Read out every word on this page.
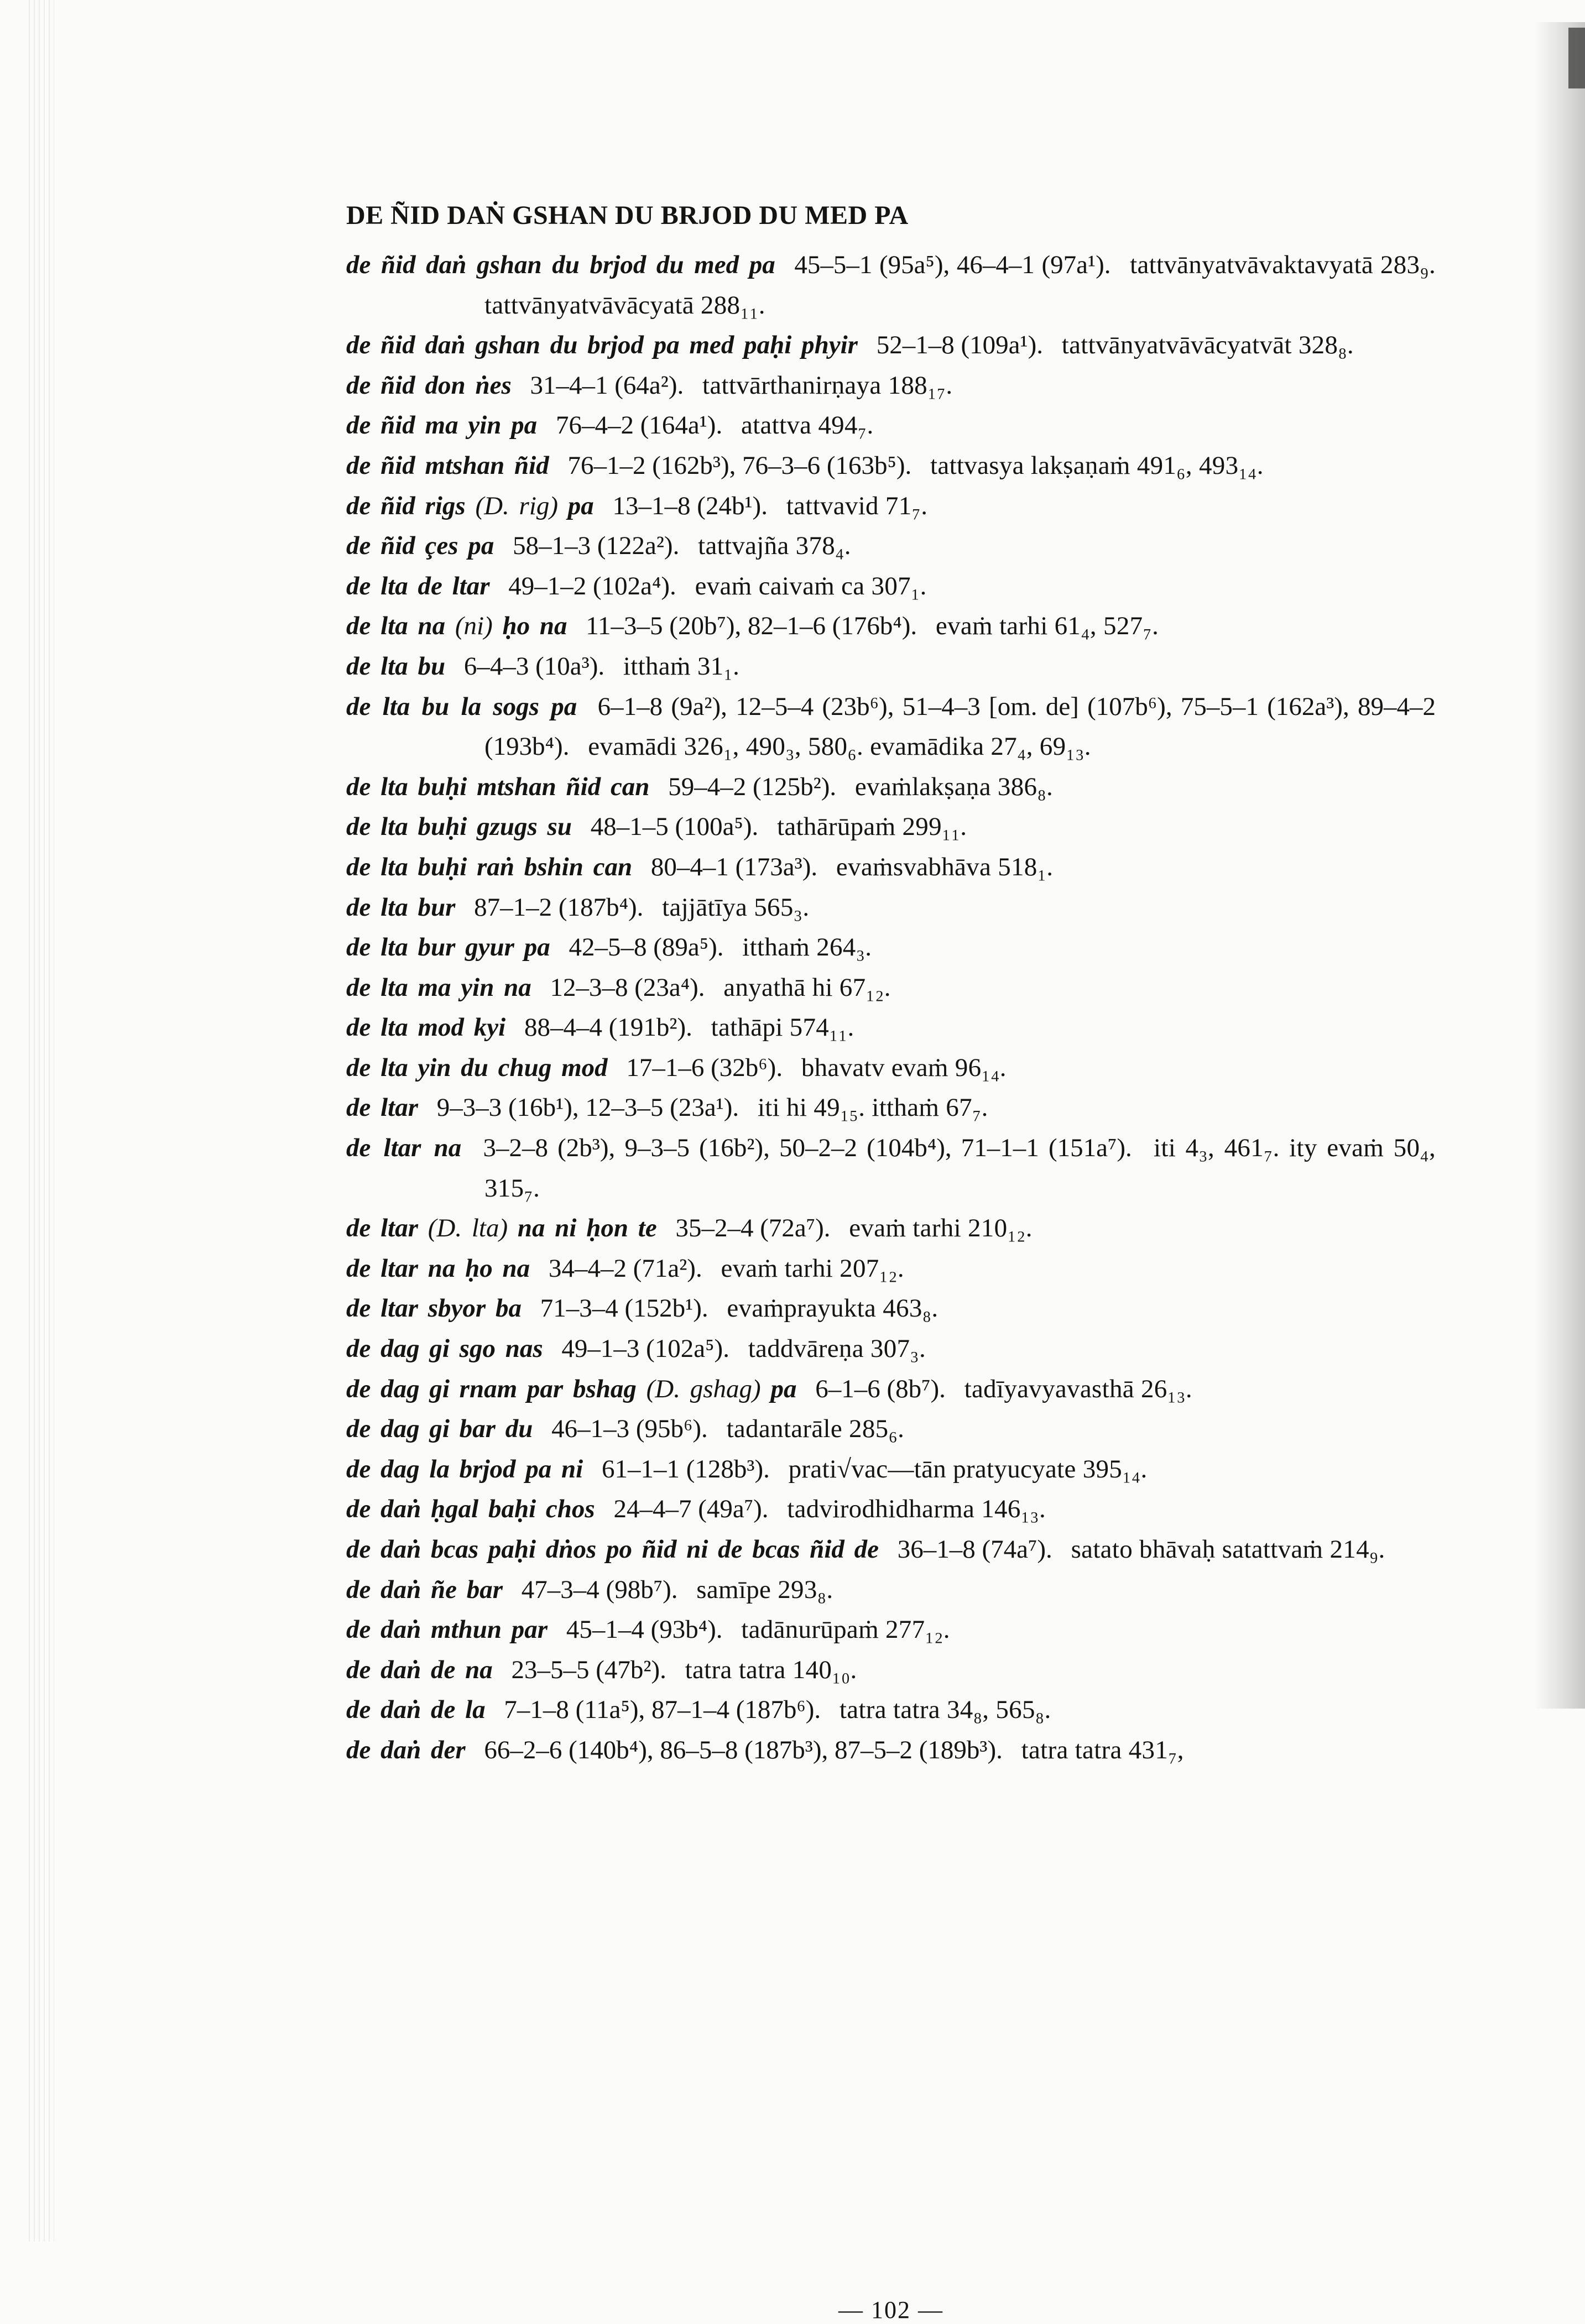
DE ÑID DAṄ GSHAN DU BRJOD DU MED PA
de ñid daṅ gshan du brjod du med pa 45–5–1 (95a⁵), 46–4–1 (97a¹). tattvānyatvāvaktavyatā 283₉. tattvānyatvāvācyatā 288₁₁.
de ñid daṅ gshan du brjod pa med paḥi phyir 52–1–8 (109a¹). tattvānyatvāvācyatvāt 328₈.
de ñid don ṅes 31–4–1 (64a²). tattvārthanirṇaya 188₁₇.
de ñid ma yin pa 76–4–2 (164a¹). atattva 494₇.
de ñid mtshan ñid 76–1–2 (162b³), 76–3–6 (163b⁵). tattvasya lakṣaṇaṁ 491₆, 493₁₄.
de ñid rigs (D. rig) pa 13–1–8 (24b¹). tattvavid 71₇.
de ñid çes pa 58–1–3 (122a²). tattvajña 378₄.
de lta de ltar 49–1–2 (102a⁴). evaṁ caivaṁ ca 307₁.
de lta na (ni) ḥo na 11–3–5 (20b⁷), 82–1–6 (176b⁴). evaṁ tarhi 61₄, 527₇.
de lta bu 6–4–3 (10a³). itthaṁ 31₁.
de lta bu la sogs pa 6–1–8 (9a²), 12–5–4 (23b⁶), 51–4–3 [om. de] (107b⁶), 75–5–1 (162a³), 89–4–2 (193b⁴). evamādi 326₁, 490₃, 580₆. evamādika 27₄, 69₁₃.
de lta buḥi mtshan ñid can 59–4–2 (125b²). evaṁlakṣaṇa 386₈.
de lta buḥi gzugs su 48–1–5 (100a⁵). tathārūpaṁ 299₁₁.
de lta buḥi raṅ bshin can 80–4–1 (173a³). evaṁsvabhāva 518₁.
de lta bur 87–1–2 (187b⁴). tajjātīya 565₃.
de lta bur gyur pa 42–5–8 (89a⁵). itthaṁ 264₃.
de lta ma yin na 12–3–8 (23a⁴). anyathā hi 67₁₂.
de lta mod kyi 88–4–4 (191b²). tathāpi 574₁₁.
de lta yin du chug mod 17–1–6 (32b⁶). bhavatv evaṁ 96₁₄.
de ltar 9–3–3 (16b¹), 12–3–5 (23a¹). iti hi 49₁₅. itthaṁ 67₇.
de ltar na 3–2–8 (2b³), 9–3–5 (16b²), 50–2–2 (104b⁴), 71–1–1 (151a⁷). iti 4₃, 461₇. ity evaṁ 50₄, 315₇.
de ltar (D. lta) na ni ḥon te 35–2–4 (72a⁷). evaṁ tarhi 210₁₂.
de ltar na ḥo na 34–4–2 (71a²). evaṁ tarhi 207₁₂.
de ltar sbyor ba 71–3–4 (152b¹). evaṁprayukta 463₈.
de dag gi sgo nas 49–1–3 (102a⁵). taddvāreṇa 307₃.
de dag gi rnam par bshag (D. gshag) pa 6–1–6 (8b⁷). tadīyavyavasthā 26₁₃.
de dag gi bar du 46–1–3 (95b⁶). tadantarāle 285₆.
de dag la brjod pa ni 61–1–1 (128b³). prati√vac—tān pratyucyate 395₁₄.
de daṅ ḥgal baḥi chos 24–4–7 (49a⁷). tadvirodhidharma 146₁₃.
de daṅ bcas paḥi dṅos po ñid ni de bcas ñid de 36–1–8 (74a⁷). satato bhāvaḥ satattvaṁ 214₉.
de daṅ ñe bar 47–3–4 (98b⁷). samīpe 293₈.
de daṅ mthun par 45–1–4 (93b⁴). tadānurūpaṁ 277₁₂.
de daṅ de na 23–5–5 (47b²). tatra tatra 140₁₀.
de daṅ de la 7–1–8 (11a⁵), 87–1–4 (187b⁶). tatra tatra 34₈, 565₈.
de daṅ der 66–2–6 (140b⁴), 86–5–8 (187b³), 87–5–2 (189b³). tatra tatra 431₇,
— 102 —
